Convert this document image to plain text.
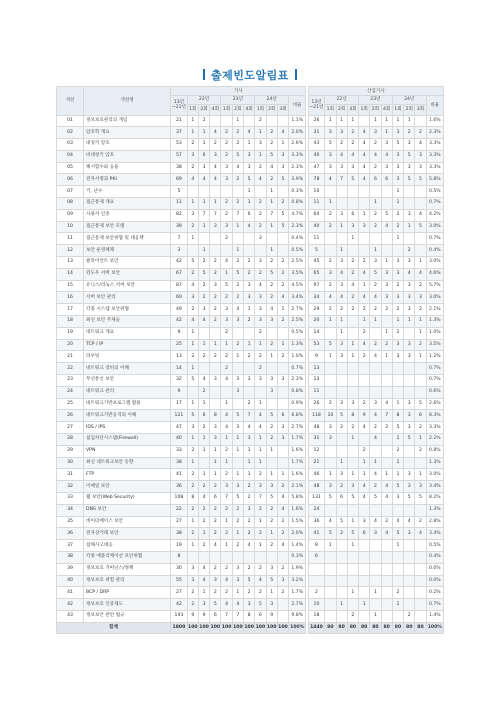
출제빈도알림표
섹션	섹션명	기사												산업기사										
		13년~21년	22년			23년			24년			비율		13년~21년	22년			23년			24년			비율
			1회	2회	4회	1회	2회	4회	1회	2회	3회				1회	2회	4회	1회	2회	4회	1회	2회	3회	
01	정보보호관리의 개념	21	1	2			1		2			1.1%		26	1	1	1		1	1	1	1		1.6%
02	암호학 개요	37	1	1	4	2	2	4	1	2	4	2.0%		31	3	3	2	4	3	1	3	2	2	2.3%
03	대칭키 암호	53	2	1	2	2	2	1	3	2	1	2.6%		43	5	2	2	4	2	3	5	3	4	3.3%
04	비대칭키 암호	57	3	6	3	2	5	3	1	5	3	3.3%		40	3	4	4	4	4	4	3	5	3	3.3%
05	해시함수와 응용	38	2	3	4	3	4	3	2	4	3	2.3%		47	3	3	3	4	2	3	3	3	3	3.3%
06	전자서명과 PKI	69	4	4	4	3	2	5	4	2	5	3.9%		78	4	7	5	4	6	6	3	5	5	5.8%
07	키, 난수	5						1		1		0.3%		10							1			0.5%
08	접근통제 개요	11	1	1	1	2	2	1	2	1	2	0.8%		11	1				1		1			0.7%
09	사용자 인증	82	3	7	7	2	7	6	2	7	5	4.7%		64	2	3	6	1	2	5	2	3	4	4.2%
10	접근통제 보안 모델	39	2	1	3	3	1	4	2	1	5	2.3%		40	2	1	3	3	2	4	2	1	5	3.0%
11	접근통제 보안위협 및 대응책	7	1			2			3			0.4%		11			1				1			0.7%
12	보안 운영체제	3		1			1			1		0.5%		5		1			1			2		0.4%
13	클라이언트 보안	42	5	2	2	4	2	2	3	2	2	2.5%		45	2	3	2	2	3	1	3	3	1	3.0%
14	윈도우 서버 보안	67	2	5	2	1	5	2	2	5	2	3.5%		65	3	4	2	4	5	3	3	4	4	4.6%
15	유닉스/리눅스 서버 보안	87	4	2	3	5	2	3	4	2	2	4.5%		97	2	3	4	1	2	3	2	3	2	5.7%
16	서버 보안 관리	60	3	2	2	2	2	3	3	2	4	3.4%		34	4	4	2	4	4	3	3	3	3	3.0%
17	각종 시스템 보안위협	49	2	3	2	3	4	1	3	4	1	2.7%		29	2	2	2	2	2	2	2	3	2	2.1%
18	최신 보안 주제들	42	4	4	2	3	3	2	3	3	2	2.5%		20	1	1		1	1		1	1	1	1.3%
19	네트워크 개요	9	1			2			2			0.5%		14		1		2		1	2		1	1.0%
20	TCP / IP	25	1	1	1	1	2	1	1	2	1	1.3%		53	5	3	1	4	2	2	3	3	2	3.5%
21	라우팅	13	2	2	2	2	1	2	2	1	2	1.0%		9	1	3	1	2	4	1	3	3	1	1.2%
22	네트워크 장비의 이해	14	1			2			2			0.7%		13										0.7%
23	무선통신 보안	32	5	4	3	4	3	3	3	3	3	2.3%		13										0.7%
24	네트워크 관리	9		2			3			3		0.8%		11										0.6%
25	네트워크기반프로그램 활용	17	1	1		1		2	1			0.9%		26	2	3	3	2	3	4	1	3	5	2.6%
26	네트워크기반공격의 이해	121	5	6	8	4	5	7	4	5	6	6.8%		118	10	5	8	9	4	7	8	3	6	8.3%
27	IDS / IPS	47	3	2	3	4	3	4	4	2	3	2.7%		48	3	2	2	4	2	2	5	3	2	3.3%
28	침입차단시스템(Firewall)	40	1	1	3	1	1	3	1	2	3	1.7%		31	3		1		4		1	5	1	2.2%
29	VPN	33	2	1	1	2	1	1	1	1		1.6%		12				2			2		2	0.8%
30	최신 네트워크보안 동향	38	1		1	1		1	1			1.7%		21		1		1	1		1			1.3%
31	FTP	41	2	1	1	2	1	1	2	1	1	1.6%		46	1	3	1	1	4	1	1	3	1	3.0%
32	이메일 보안	36	2	2	2	3	3	2	3	3	2	2.1%		48	3	2	3	4	2	4	5	3	3	3.4%
33	웹 보안(Web Security)	108	8	4	6	7	5	2	7	5	4	5.8%		131	5	6	5	4	5	4	3	5	5	8.2%
34	DNS 보안	22	2	2	2	2	2	3	2	2	4	1.6%		24										1.3%
35	데이터베이스 보안	27	1	2	2	1	2	2	1	2	2	1.5%		36	4	5	1	3	4	2	4	4	2	2.8%
36	전자상거래 보안	38	2	1	2	2	1	2	2	1	2	2.0%		41	5	2	5	6	3	4	5	3	4	3.4%
37	침해사고대응	19	1	2	4	1	2	4	1	2	4	1.4%		8	1		1				1			0.5%
38	각종 애플리케이션 보안위협	8										0.3%		6										0.4%
39	정보보호 거버넌스/정책	30	3	4	2	2	3	2	2	3	2	1.9%												0.0%
40	정보보호 위험 관리	55	3	4	3	4	3	5	4	5	3	3.2%												0.0%
41	BCP / DRP	27	2	1	2	2	1	2	2	1	2	1.7%		2			1		1		2			0.2%
42	정보보호 인증제도	42	2	3	5	4	4	3	5	3		2.7%		10		1		1			1			0.7%
43	정보보안 관련 법규	193	9	9	6	7	7	8	6	9		9.8%		18			2		1			2		1.4%
합계		1800	100	100	100	100	100	100	100	100	100	100%		1440	80	80	80	80	80	80	80	80	80	100%
